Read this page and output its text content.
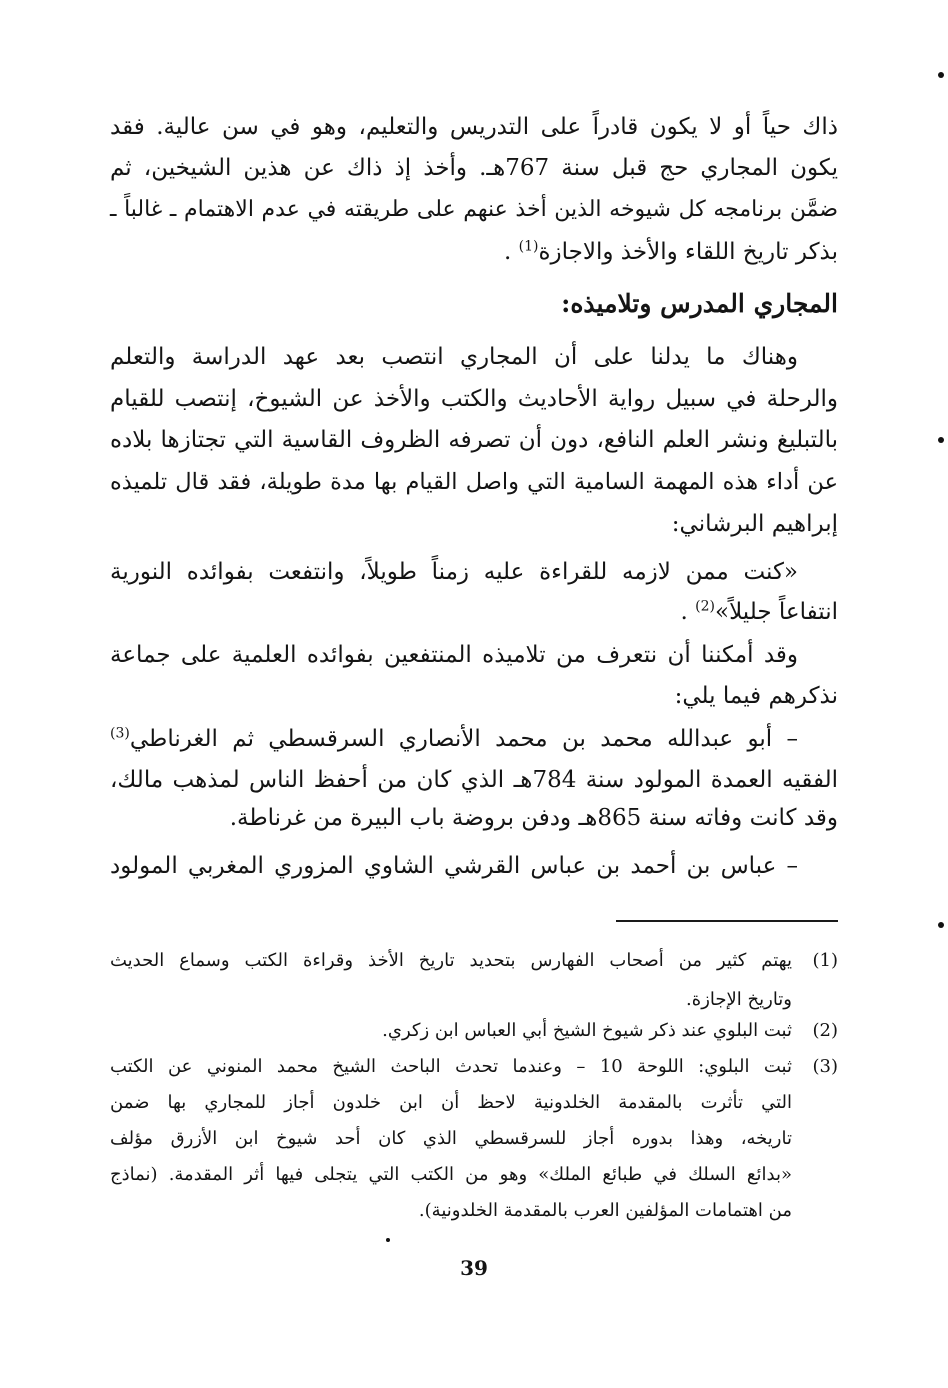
ذاك حياً أو لا يكون قادراً على التدريس والتعليم، وهو في سن عالية. فقد

يكون المجاري حج قبل سنة 767هـ. وأخذ إذ ذاك عن هذين الشيخين، ثم

ضمَّن برنامجه كل شيوخه الذين أخذ عنهم على طريقته في عدم الاهتمام ـ غالباً ـ

بذكر تاريخ اللقاء والأخذ والاجازة$^{(1)}$ .

المجاري المدرس وتلاميذه:

وهناك ما يدلنا على أن المجاري انتصب بعد عهد الدراسة والتعلم

والرحلة في سبيل رواية الأحاديث والكتب والأخذ عن الشيوخ، إنتصب للقيام

بالتبليغ ونشر العلم النافع، دون أن تصرفه الظروف القاسية التي تجتازها بلاده

عن أداء هذه المهمة السامية التي واصل القيام بها مدة طويلة، فقد قال تلميذه

إبراهيم البرشاني:

«كنت ممن لازمه للقراءة عليه زمناً طويلاً، وانتفعت بفوائده النورية

انتفاعاً جليلاً»$^{(2)}$ .

وقد أمكننا أن نتعرف من تلاميذه المنتفعين بفوائده العلمية على جماعة

نذكرهم فيما يلي:

– أبو عبدالله محمد بن محمد الأنصاري السرقسطي ثم الغرناطي$^{(3)}$

الفقيه العمدة المولود سنة 784هـ الذي كان من أحفظ الناس لمذهب مالك،

وقد كانت وفاته سنة 865هـ ودفن بروضة باب البيرة من غرناطة.

– عباس بن أحمد بن عباس القرشي الشاوي المزوري المغربي المولود

(1)
يهتم كثير من أصحاب الفهارس بتحديد تاريخ الأخذ وقراءة الكتب وسماع الحديث
وتاريخ الإجازة.
(2)
ثبت البلوي عند ذكر شيوخ الشيخ أبي العباس ابن زكري.
(3)
ثبت البلوي: اللوحة 10 – وعندما تحدث الباحث الشيخ محمد المنوني عن الكتب
التي تأثرت بالمقدمة الخلدونية لاحظ أن ابن خلدون أجاز للمجاري بها ضمن
تاريخه، وهذا بدوره أجاز للسرقسطي الذي كان أحد شيوخ ابن الأزرق مؤلف
«بدائع السلك في طبائع الملك» وهو من الكتب التي يتجلى فيها أثر المقدمة. (نماذج
من اهتمامات المؤلفين العرب بالمقدمة الخلدونية).
39
